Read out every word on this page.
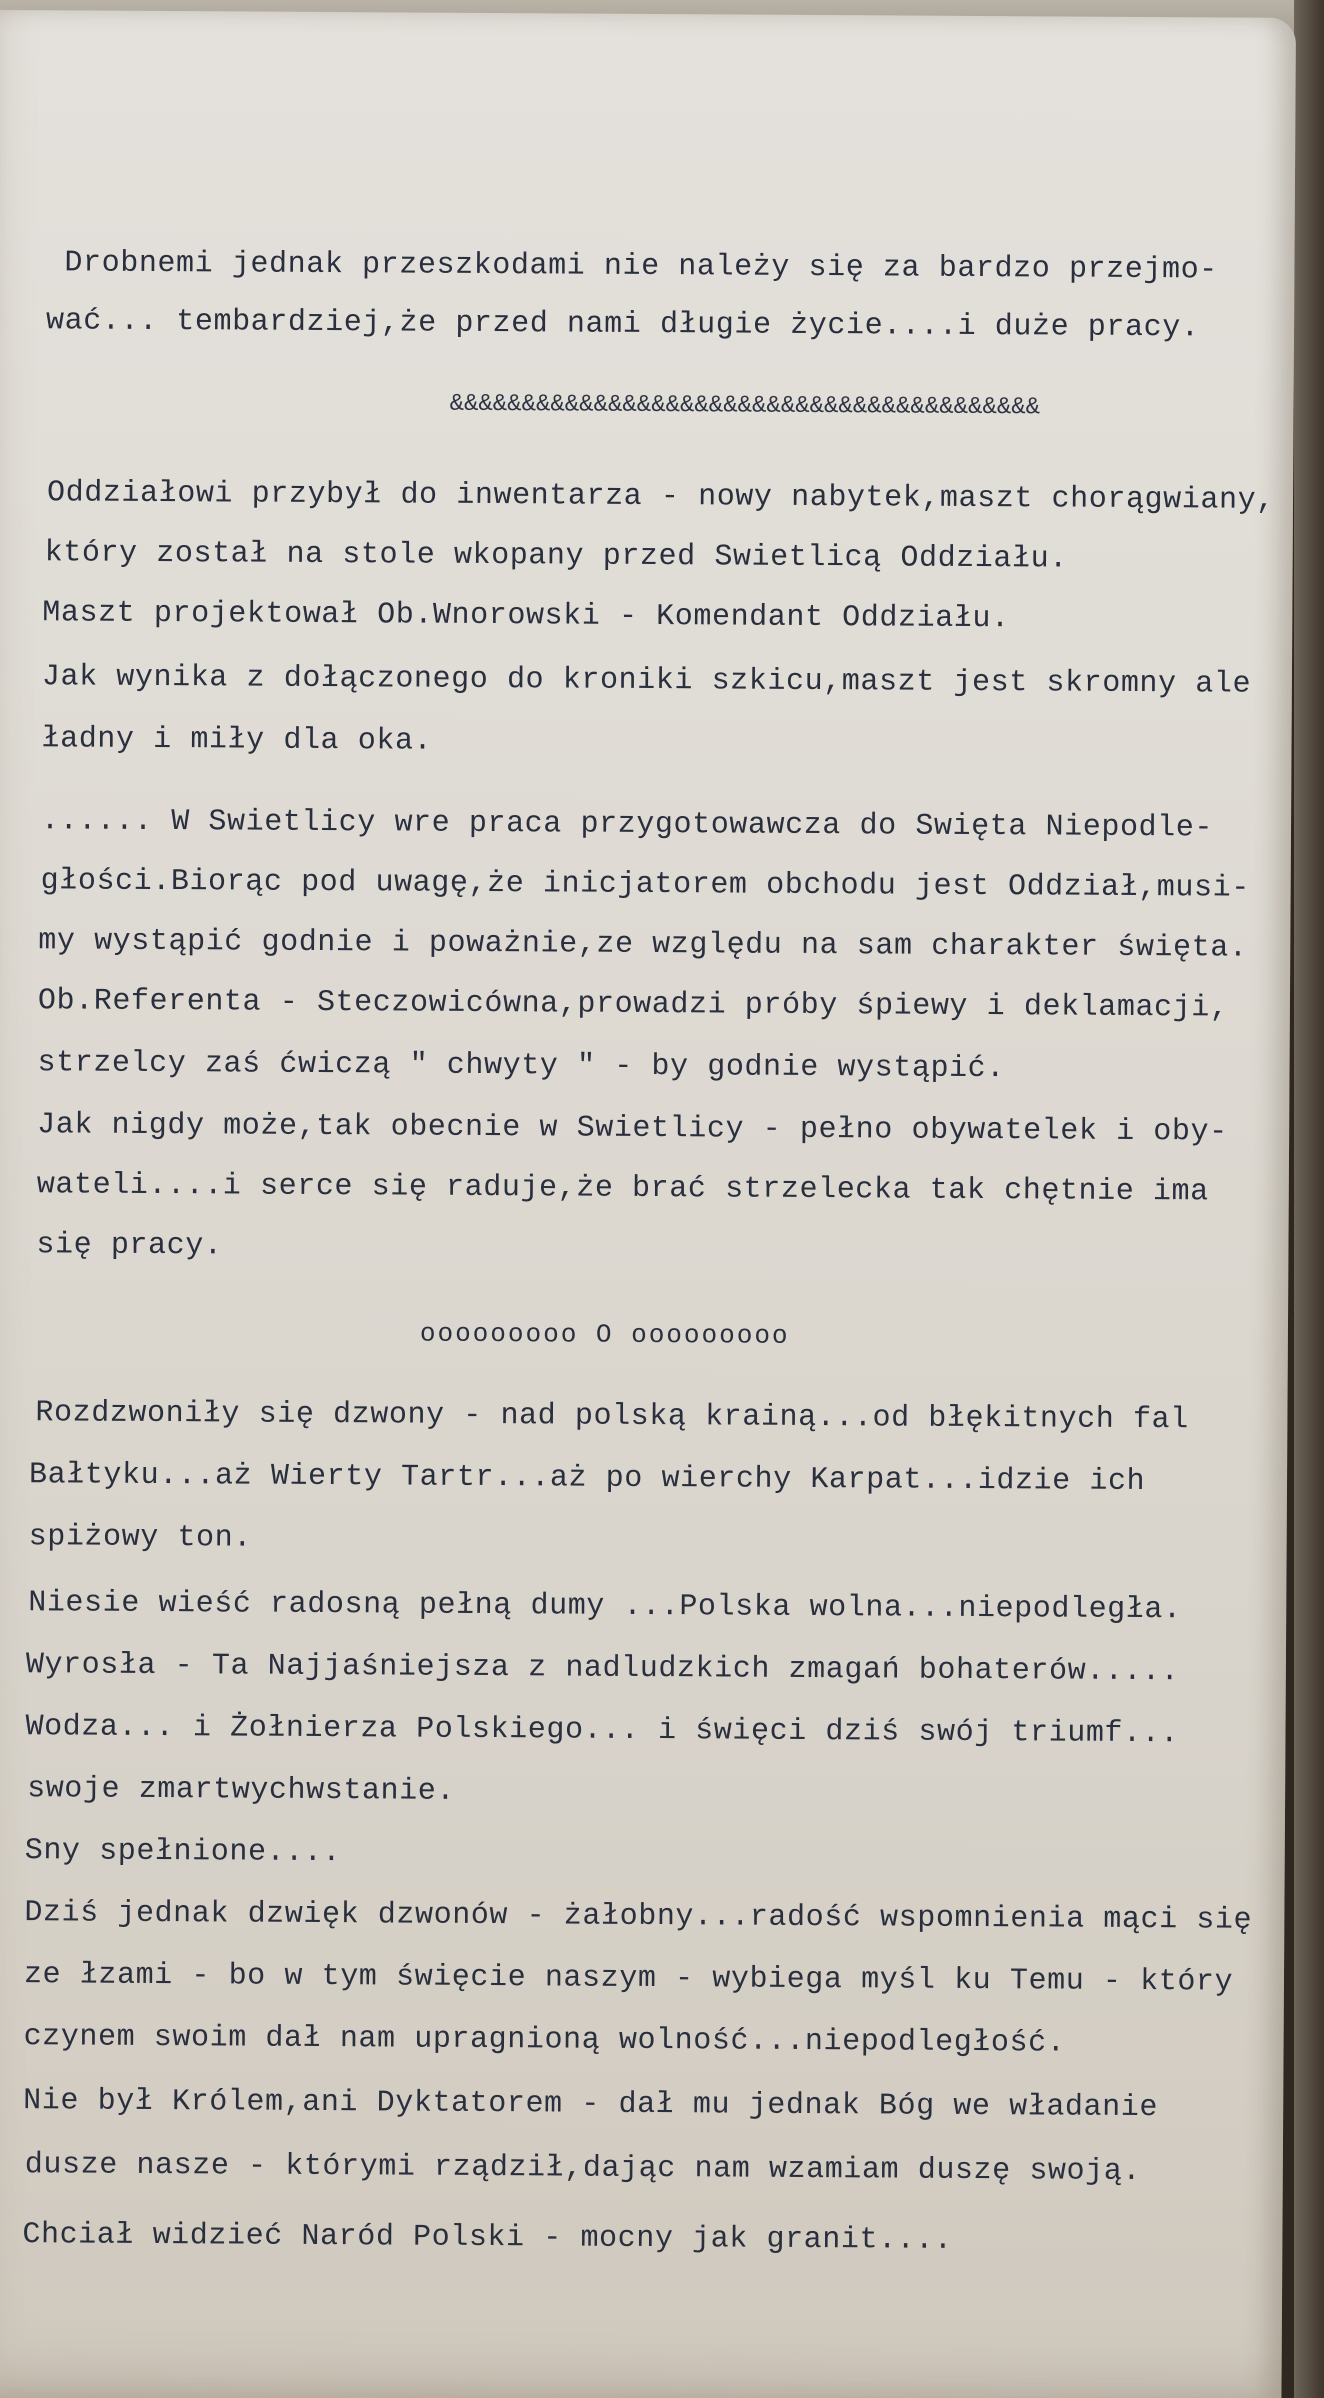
Drobnemi jednak przeszkodami nie należy się za bardzo przejmo-
wać... tembardziej,że przed nami długie życie....i duże pracy.
&&&&&&&&&&&&&&&&&&&&&&&&&&&&&&&&&&&&&&&&&
Oddziałowi przybył do inwentarza - nowy nabytek,maszt chorągwiany,
który został na stole wkopany przed Swietlicą Oddziału.
Maszt projektował Ob.Wnorowski - Komendant Oddziału.
Jak wynika z dołączonego do kroniki szkicu,maszt jest skromny ale
ładny i miły dla oka.
...... W Swietlicy wre praca przygotowawcza do Swięta Niepodle-
głości.Biorąc pod uwagę,że inicjatorem obchodu jest Oddział,musi-
my wystąpić godnie i poważnie,ze względu na sam charakter święta.
Ob.Referenta - Steczowicówna,prowadzi próby śpiewy i deklamacji,
strzelcy zaś ćwiczą " chwyty " - by godnie wystąpić.
Jak nigdy może,tak obecnie w Swietlicy - pełno obywatelek i oby-
wateli....i serce się raduje,że brać strzelecka tak chętnie ima
się pracy.
ooooooooo O ooooooooo
Rozdzwoniły się dzwony - nad polską krainą...od błękitnych fal
Bałtyku...aż Wierty Tartr...aż po wierchy Karpat...idzie ich
spiżowy ton.
Niesie wieść radosną pełną dumy ...Polska wolna...niepodległa.
Wyrosła - Ta Najjaśniejsza z nadludzkich zmagań bohaterów.....
Wodza... i Żołnierza Polskiego... i święci dziś swój triumf...
swoje zmartwychwstanie.
Sny spełnione....
Dziś jednak dzwięk dzwonów - żałobny...radość wspomnienia mąci się
ze łzami - bo w tym święcie naszym - wybiega myśl ku Temu - który
czynem swoim dał nam upragnioną wolność...niepodległość.
Nie był Królem,ani Dyktatorem - dał mu jednak Bóg we władanie
dusze nasze - którymi rządził,dając nam wzamiam duszę swoją.
Chciał widzieć Naród Polski - mocny jak granit....
